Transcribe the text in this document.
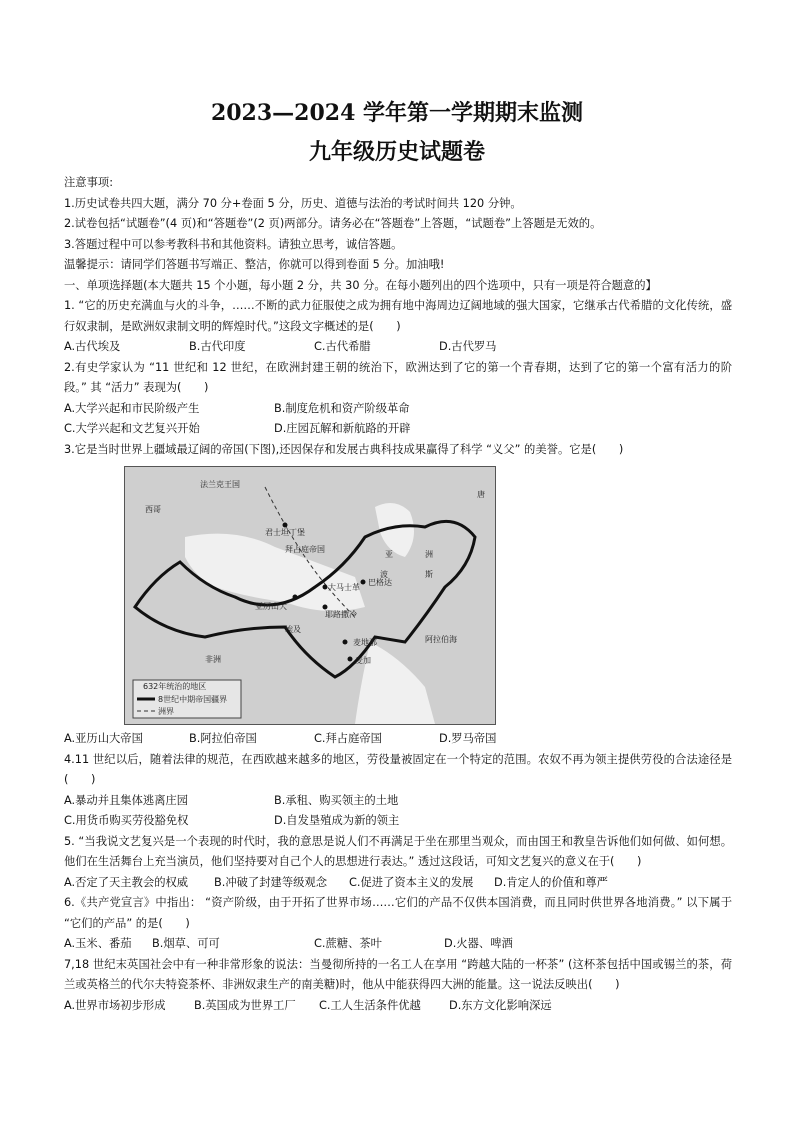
2023—2024 学年第一学期期末监测
九年级历史试题卷
注意事项:
1.历史试卷共四大题，满分 70 分+卷面 5 分，历史、道德与法治的考试时间共 120 分钟。
2.试卷包括“试题卷”(4 页)和“答题卷”(2 页)两部分。请务必在“答题卷”上答题，“试题卷”上答题是无效的。
3.答题过程中可以参考教科书和其他资料。请独立思考，诚信答题。
温馨提示：请同学们答题书写端正、整洁，你就可以得到卷面 5 分。加油哦!
一、单项选择题(本大题共 15 个小题，每小题 2 分，共 30 分。在每小题列出的四个选项中，只有一项是符合题意的】
1. “它的历史充满血与火的斗争，……不断的武力征服使之成为拥有地中海周边辽阔地域的强大国家，它继承古代希腊的文化传统，盛行奴隶制，是欧洲奴隶制文明的辉煌时代。”这段文字概述的是(　　)
A.古代埃及	B.古代印度	C.古代希腊	D.古代罗马
2.有史学家认为 “11 世纪和 12 世纪，在欧洲封建王朝的统治下，欧洲达到了它的第一个青春期，达到了它的第一个富有活力的阶段。” 其 “活力” 表现为(　　)
A.大学兴起和市民阶级产生	B.制度危机和资产阶级革命
C.大学兴起和文艺复兴开始	D.庄园瓦解和新航路的开辟
3.它是当时世界上疆域最辽阔的帝国(下图),还因保存和发展古典科技成果赢得了科学 “义父” 的美誉。它是(　　)
法兰克王国
西哥
唐
君士坦丁堡
拜占庭帝国
亚	洲
波	斯
巴格达
大马士革
亚历山大
耶路撒冷
埃及
麦地那
麦加
非洲
阿拉伯海
632年统治的地区
8世纪中期帝国疆界
洲界
A.亚历山大帝国	B.阿拉伯帝国	C.拜占庭帝国	D.罗马帝国
4.11 世纪以后，随着法律的规范，在西欧越来越多的地区，劳役量被固定在一个特定的范围。农奴不再为领主提供劳役的合法途径是(　　)
A.暴动并且集体逃离庄园	B.承租、购买领主的土地
C.用货币购买劳役豁免权	D.自发垦殖成为新的领主
5. “当我说文艺复兴是一个表现的时代时，我的意思是说人们不再满足于坐在那里当观众，而由国王和教皇告诉他们如何做、如何想。他们在生活舞台上充当演员，他们坚持要对自己个人的思想进行表达。” 透过这段话，可知文艺复兴的意义在于(　　)
A.否定了天主教会的权威	B.冲破了封建等级观念	C.促进了资本主义的发展	D.肯定人的价值和尊严
6.《共产党宣言》中指出： “资产阶级，由于开拓了世界市场……它们的产品不仅供本国消费，而且同时供世界各地消费。” 以下属于 “它们的产品” 的是(　　)
A.玉米、番茄	B.烟草、可可	C.蔗糖、茶叶	D.火器、啤酒
7,18 世纪末英国社会中有一种非常形象的说法：当曼彻所持的一名工人在享用 “跨越大陆的一杯茶” (这杯茶包括中国或锡兰的茶，荷兰或英格兰的代尔夫特瓷茶杯、非洲奴隶生产的南美糖)时，他从中能获得四大洲的能量。这一说法反映出(　　)
A.世界市场初步形成	B.英国成为世界工厂	C.工人生活条件优越	D.东方文化影响深远
